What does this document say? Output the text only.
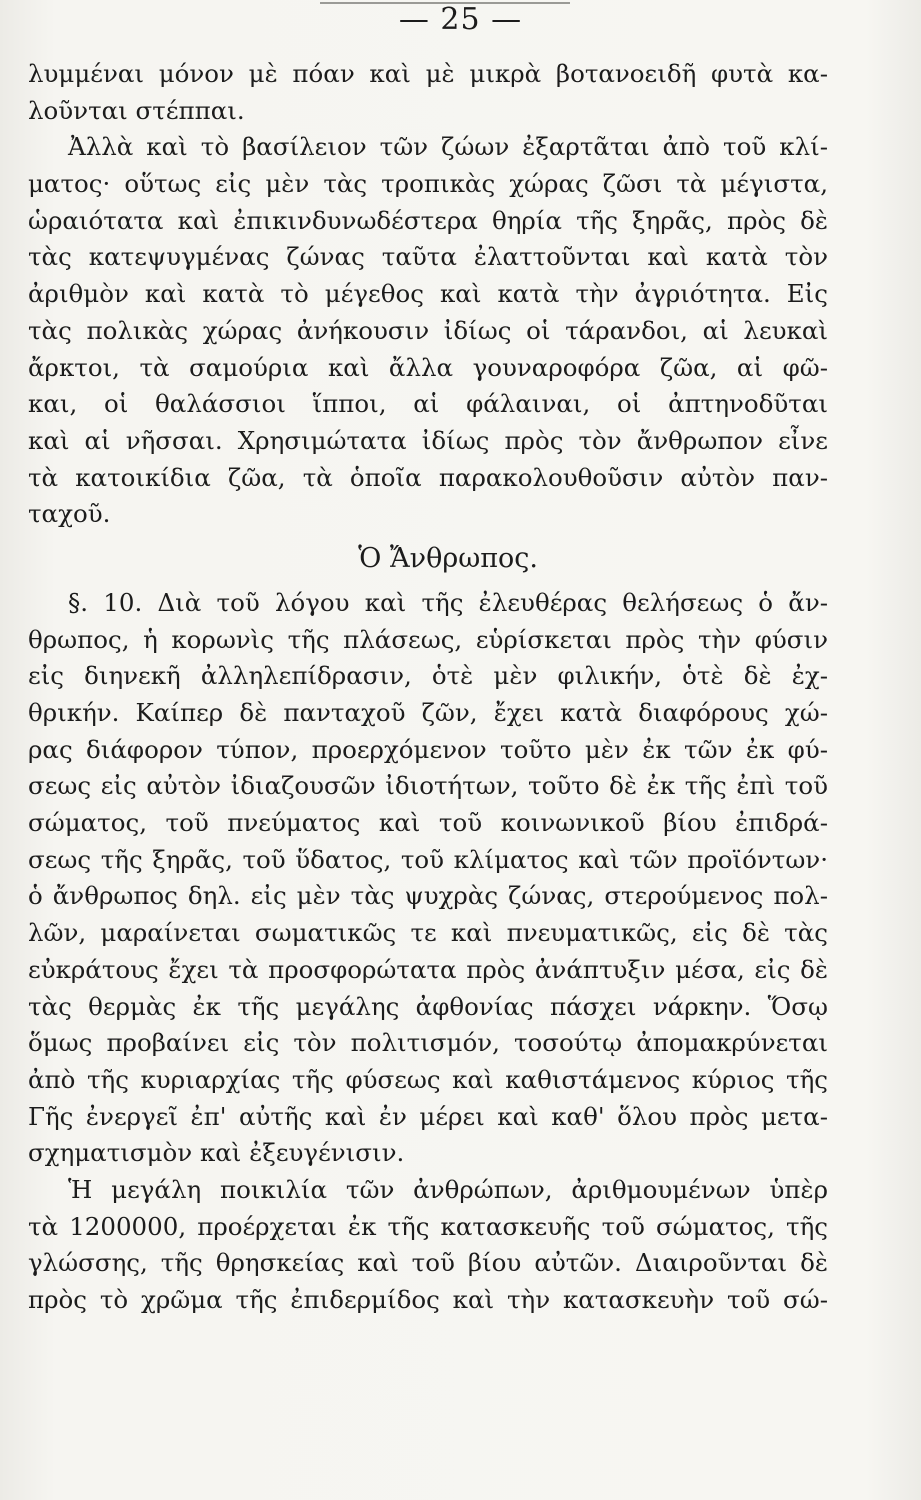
— 25 —
λυμμέναι μόνον μὲ πόαν καὶ μὲ μικρὰ βοτανοειδῆ φυτὰ κα-
λοῦνται στέππαι.
Ἀλλὰ καὶ τὸ βασίλειον τῶν ζώων ἐξαρτᾶται ἀπὸ τοῦ κλί-
ματος· οὕτως εἰς μὲν τὰς τροπικὰς χώρας ζῶσι τὰ μέγιστα,
ὡραιότατα καὶ ἐπικινδυνωδέστερα θηρία τῆς ξηρᾶς, πρὸς δὲ
τὰς κατεψυγμένας ζώνας ταῦτα ἐλαττοῦνται καὶ κατὰ τὸν
ἀριθμὸν καὶ κατὰ τὸ μέγεθος καὶ κατὰ τὴν ἀγριότητα. Εἰς
τὰς πολικὰς χώρας ἀνήκουσιν ἰδίως οἱ τάρανδοι, αἱ λευκαὶ
ἄρκτοι, τὰ σαμούρια καὶ ἄλλα γουναροφόρα ζῶα, αἱ φῶ-
και, οἱ θαλάσσιοι ἵπποι, αἱ φάλαιναι, οἱ ἀπτηνοδῦται
καὶ αἱ νῆσσαι. Χρησιμώτατα ἰδίως πρὸς τὸν ἄνθρωπον εἶνε
τὰ κατοικίδια ζῶα, τὰ ὁποῖα παρακολουθοῦσιν αὐτὸν παν-
ταχοῦ.
Ὁ Ἄνθρωπος.
§. 10. Διὰ τοῦ λόγου καὶ τῆς ἐλευθέρας θελήσεως ὁ ἄν-
θρωπος, ἡ κορωνὶς τῆς πλάσεως, εὑρίσκεται πρὸς τὴν φύσιν
εἰς διηνεκῆ ἀλληλεπίδρασιν, ὁτὲ μὲν φιλικήν, ὁτὲ δὲ ἐχ-
θρικήν. Καίπερ δὲ πανταχοῦ ζῶν, ἔχει κατὰ διαφόρους χώ-
ρας διάφορον τύπον, προερχόμενον τοῦτο μὲν ἐκ τῶν ἐκ φύ-
σεως εἰς αὐτὸν ἰδιαζουσῶν ἰδιοτήτων, τοῦτο δὲ ἐκ τῆς ἐπὶ τοῦ
σώματος, τοῦ πνεύματος καὶ τοῦ κοινωνικοῦ βίου ἐπιδρά-
σεως τῆς ξηρᾶς, τοῦ ὕδατος, τοῦ κλίματος καὶ τῶν προϊόντων·
ὁ ἄνθρωπος δηλ. εἰς μὲν τὰς ψυχρὰς ζώνας, στερούμενος πολ-
λῶν, μαραίνεται σωματικῶς τε καὶ πνευματικῶς, εἰς δὲ τὰς
εὐκράτους ἔχει τὰ προσφορώτατα πρὸς ἀνάπτυξιν μέσα, εἰς δὲ
τὰς θερμὰς ἐκ τῆς μεγάλης ἀφθονίας πάσχει νάρκην. Ὅσῳ
ὅμως προβαίνει εἰς τὸν πολιτισμόν, τοσούτῳ ἀπομακρύνεται
ἀπὸ τῆς κυριαρχίας τῆς φύσεως καὶ καθιστάμενος κύριος τῆς
Γῆς ἐνεργεῖ ἐπ' αὐτῆς καὶ ἐν μέρει καὶ καθ' ὅλου πρὸς μετα-
σχηματισμὸν καὶ ἐξευγένισιν.
Ἡ μεγάλη ποικιλία τῶν ἀνθρώπων, ἀριθμουμένων ὑπὲρ
τὰ 1200000, προέρχεται ἐκ τῆς κατασκευῆς τοῦ σώματος, τῆς
γλώσσης, τῆς θρησκείας καὶ τοῦ βίου αὐτῶν. Διαιροῦνται δὲ
πρὸς τὸ χρῶμα τῆς ἐπιδερμίδος καὶ τὴν κατασκευὴν τοῦ σώ-
